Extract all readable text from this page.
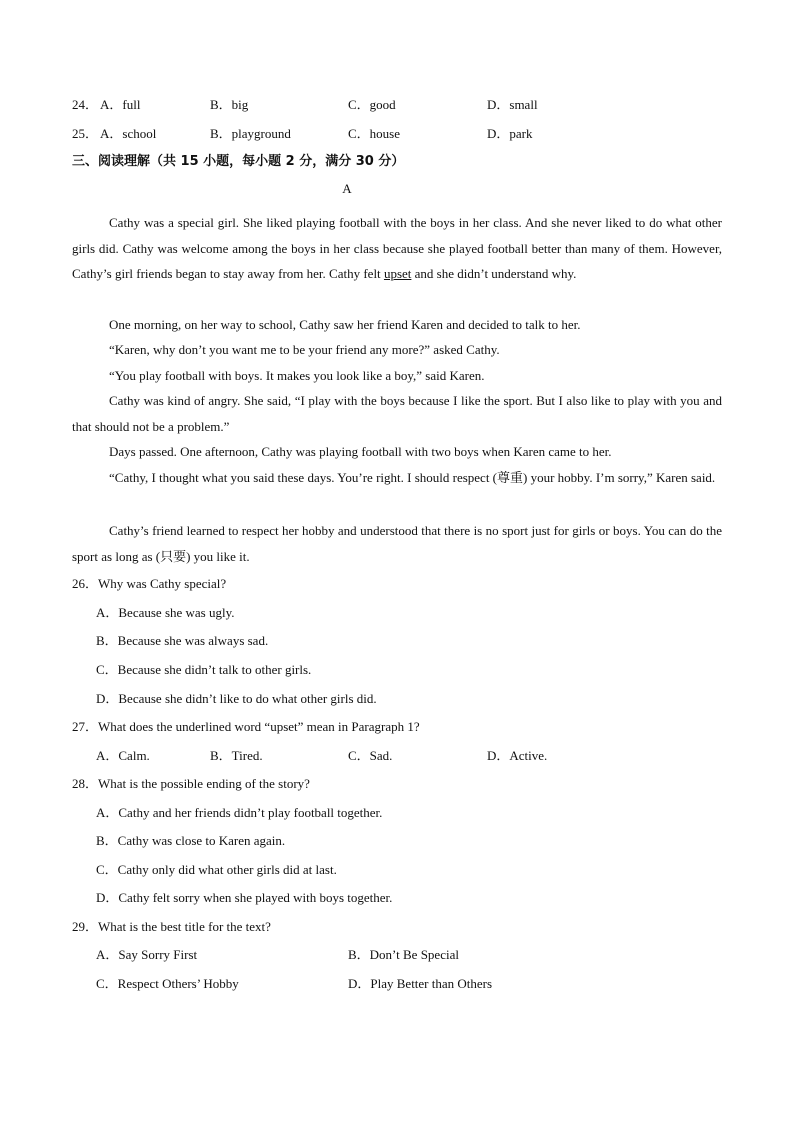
24． A．full	B．big	C．good	D．small
25． A．school	B．playground	C．house	D．park
三、阅读理解（共 15 小题，每小题 2 分，满分 30 分）
A
Cathy was a special girl. She liked playing football with the boys in her class. And she never liked to do what other girls did. Cathy was welcome among the boys in her class because she played football better than many of them. However, Cathy’s girl friends began to stay away from her. Cathy felt upset and she didn’t understand why.
One morning, on her way to school, Cathy saw her friend Karen and decided to talk to her.
“Karen, why don’t you want me to be your friend any more?” asked Cathy.
“You play football with boys. It makes you look like a boy,” said Karen.
Cathy was kind of angry. She said, “I play with the boys because I like the sport. But I also like to play with you and that should not be a problem.”
Days passed. One afternoon, Cathy was playing football with two boys when Karen came to her.
“Cathy, I thought what you said these days. You’re right. I should respect (尊重) your hobby. I’m sorry,” Karen said.
Cathy’s friend learned to respect her hobby and understood that there is no sport just for girls or boys. You can do the sport as long as (只要) you like it.
26．Why was Cathy special?
A．Because she was ugly.
B．Because she was always sad.
C．Because she didn’t talk to other girls.
D．Because she didn’t like to do what other girls did.
27．What does the underlined word “upset” mean in Paragraph 1?
A．Calm.	B．Tired.	C．Sad.	D．Active.
28．What is the possible ending of the story?
A．Cathy and her friends didn’t play football together.
B．Cathy was close to Karen again.
C．Cathy only did what other girls did at last.
D．Cathy felt sorry when she played with boys together.
29．What is the best title for the text?
A．Say Sorry First	B．Don’t Be Special
C．Respect Others’ Hobby	D．Play Better than Others
